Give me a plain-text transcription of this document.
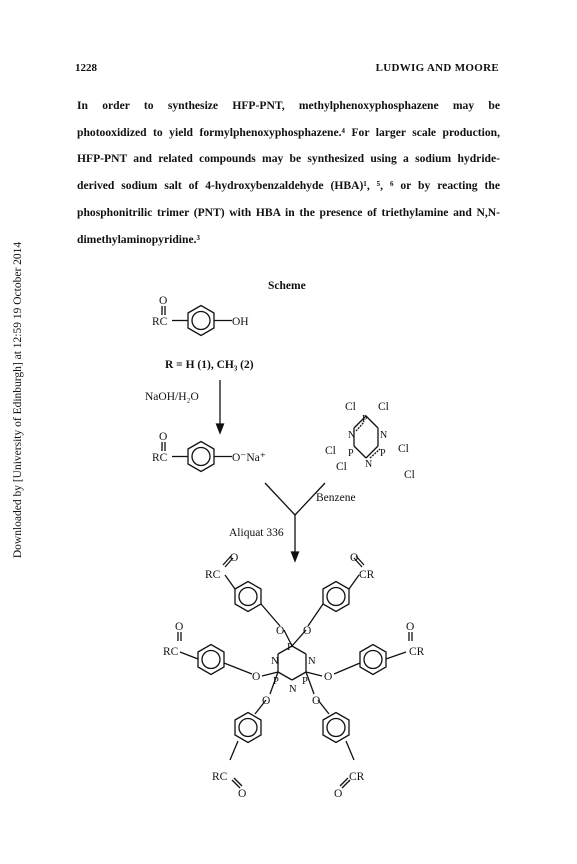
1228	LUDWIG AND MOORE
Downloaded by [University of Edinburgh] at 12:59 19 October 2014
In order to synthesize HFP-PNT, methylphenoxyphosphazene may be
photooxidized to yield formylphenoxyphosphazene.⁴ For larger scale production,
HFP-PNT and related compounds may be synthesized using a sodium hydride-
derived sodium salt of 4-hydroxybenzaldehyde (HBA)¹, ⁵, ⁶ or by reacting the
phosphonitrilic trimer (PNT) with HBA in the presence of triethylamine and N,N-
dimethylaminopyridine.³
Scheme
O
RC	OH
R = H (1), CH₃ (2)
NaOH/H₂O
O
RC	O⁻Na⁺
Cl Cl
P
N N
Cl P	P
N
Cl
Cl
Cl
Benzene
Aliquat 336
O
RC
O
CR
O
RC
O
CR
O O
O	O
O	O
P
N	N
P P
N
RC
O
CR
O
